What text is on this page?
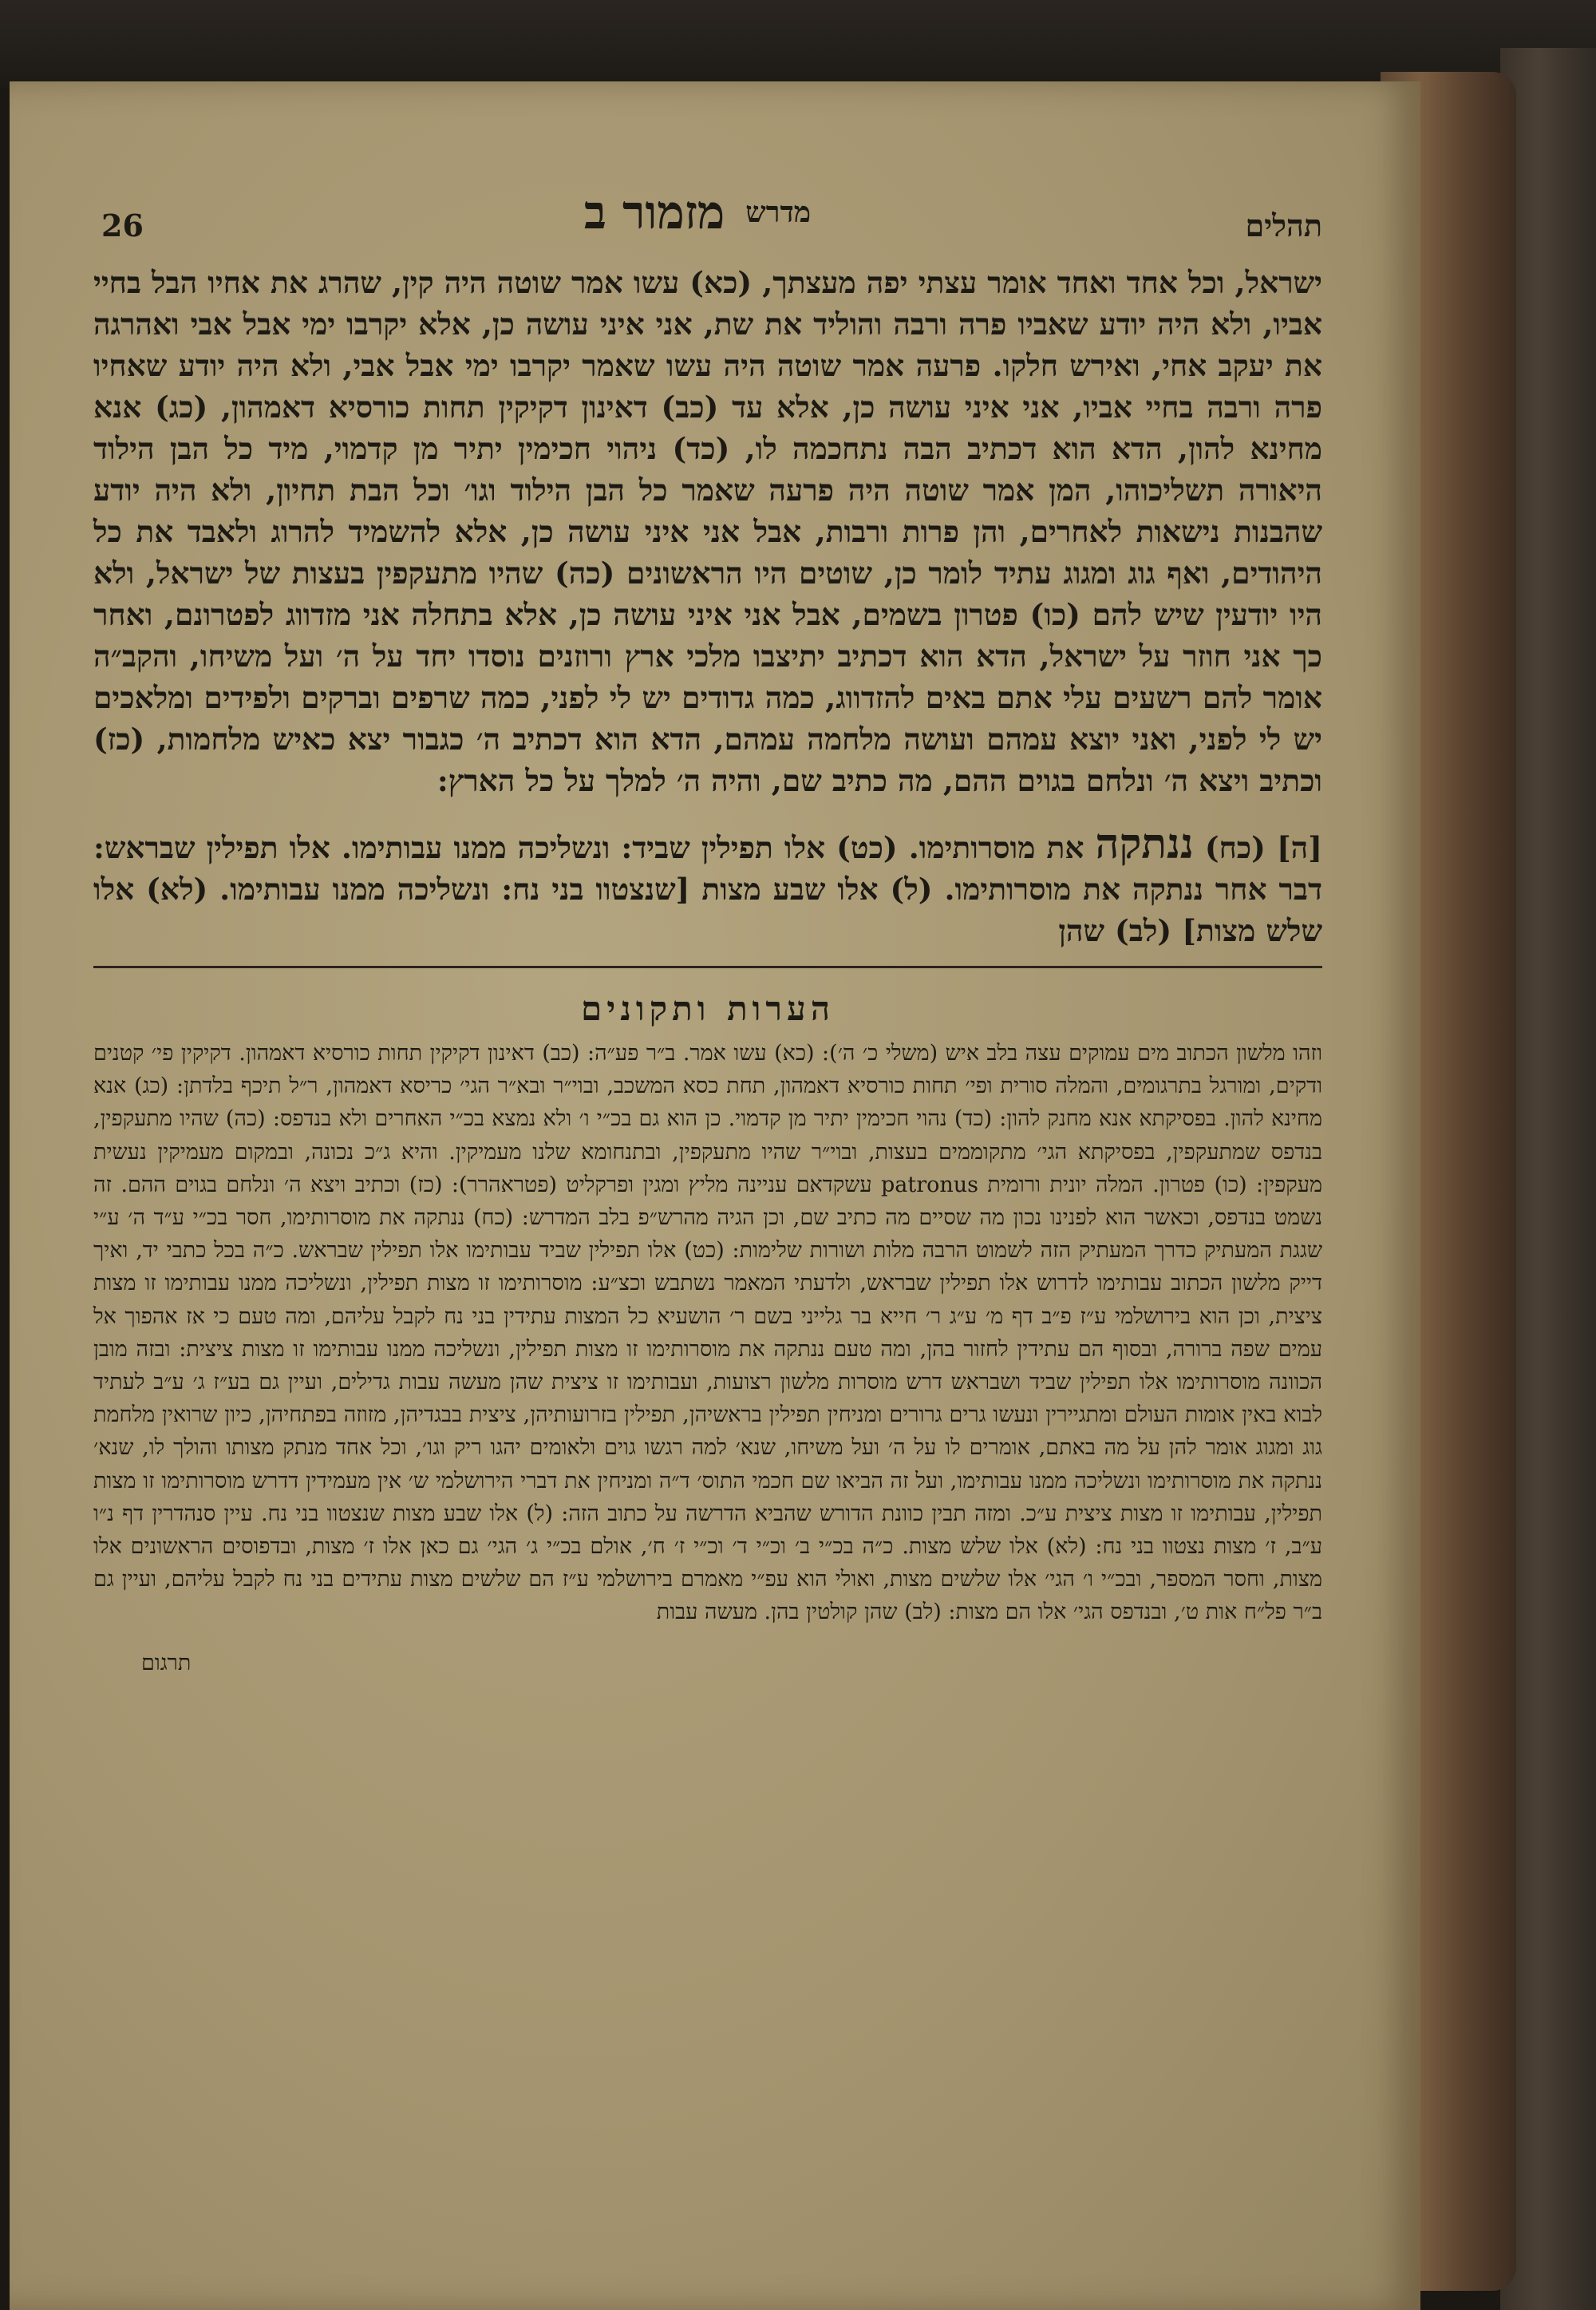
תהלים
מדרשמזמור ב
26

ישראל, וכל אחד ואחד אומר עצתי יפה מעצתך, (כא) עשו אמר שוטה היה קין, שהרג את אחיו הבל בחיי אביו, ולא היה יודע שאביו פרה ורבה והוליד את שת, אני איני עושה כן, אלא יקרבו ימי אבל אבי ואהרגה את יעקב אחי, ואירש חלקו. פרעה אמר שוטה היה עשו שאמר יקרבו ימי אבל אבי, ולא היה יודע שאחיו פרה ורבה בחיי אביו, אני איני עושה כן, אלא עד (כב) דאינון דקיקין תחות כורסיא דאמהון, (כג) אנא מחינא להון, הדא הוא דכתיב הבה נתחכמה לו, (כד) ניהוי חכימין יתיר מן קדמוי, מיד כל הבן הילוד היאורה תשליכוהו, המן אמר שוטה היה פרעה שאמר כל הבן הילוד וגו׳ וכל הבת תחיון, ולא היה יודע שהבנות נישאות לאחרים, והן פרות ורבות, אבל אני איני עושה כן, אלא להשמיד להרוג ולאבד את כל היהודים, ואף גוג ומגוג עתיד לומר כן, שוטים היו הראשונים (כה) שהיו מתעקפין בעצות של ישראל, ולא היו יודעין שיש להם (כו) פטרון בשמים, אבל אני איני עושה כן, אלא בתחלה אני מזדווג לפטרונם, ואחר כך אני חוזר על ישראל, הדא הוא דכתיב יתיצבו מלכי ארץ ורוזנים נוסדו יחד על ה׳ ועל משיחו, והקב״ה אומר להם רשעים עלי אתם באים להזדווג, כמה גדודים יש לי לפני, כמה שרפים וברקים ולפידים ומלאכים יש לי לפני, ואני יוצא עמהם ועושה מלחמה עמהם, הדא הוא דכתיב ה׳ כגבור יצא כאיש מלחמות, (כז) וכתיב ויצא ה׳ ונלחם בגוים ההם, מה כתיב שם, והיה ה׳ למלך על כל הארץ:

[ה] (כח) ננתקה את מוסרותימו. (כט) אלו תפילין שביד: ונשליכה ממנו עבותימו. אלו תפילין שבראש: דבר אחר ננתקה את מוסרותימו. (ל) אלו שבע מצות [שנצטוו בני נח: ונשליכה ממנו עבותימו. (לא) אלו שלש מצות] (לב) שהן
הערות ותקונים

וזהו מלשון הכתוב מים עמוקים עצה בלב איש (משלי כ׳ ה׳): (כא) עשו אמר. ב״ר פע״ה: (כב) דאינון דקיקין תחות כורסיא דאמהון. דקיקין פי׳ קטנים ודקים, ומורגל בתרגומים, והמלה סורית ופי׳ תחות כורסיא דאמהון, תחת כסא המשכב, ובוי״ר ובא״ר הגי׳ כריסא דאמהון, ר״ל תיכף בלדתן: (כג) אנא מחינא להון. בפסיקתא אנא מחנק להון: (כד) נהוי חכימין יתיר מן קדמוי. כן הוא גם בכ״י ו׳ ולא נמצא בכ״י האחרים ולא בנדפס: (כה) שהיו מתעקפין, בנדפס שמתעקפין, בפסיקתא הגי׳ מתקוממים בעצות, ובוי״ר שהיו מתעקפין, ובתנחומא שלנו מעמיקין. והיא ג״כ נכונה, ובמקום מעמיקין נעשית מעקפין: (כו) פטרון. המלה יונית ורומית patronus עשקדאם עניינה מליץ ומגין ופרקליט (פטראהרר): (כז) וכתיב ויצא ה׳ ונלחם בגוים ההם. זה נשמט בנדפס, וכאשר הוא לפנינו נכון מה שסיים מה כתיב שם, וכן הגיה מהרש״פ בלב המדרש: (כח) ננתקה את מוסרותימו, חסר בכ״י ע״ד ה׳ ע״י שגגת המעתיק כדרך המעתיק הזה לשמוט הרבה מלות ושורות שלימות: (כט) אלו תפילין שביד עבותימו אלו תפילין שבראש. כ״ה בכל כתבי יד, ואיך דייק מלשון הכתוב עבותימו לדרוש אלו תפילין שבראש, ולדעתי המאמר נשתבש וכצ״ע: מוסרותימו זו מצות תפילין, ונשליכה ממנו עבותימו זו מצות ציצית, וכן הוא בירושלמי ע״ז פ״ב דף מ׳ ע״ג ר׳ חייא בר גלייני בשם ר׳ הושעיא כל המצות עתידין בני נח לקבל עליהם, ומה טעם כי אז אהפוך אל עמים שפה ברורה, ובסוף הם עתידין לחזור בהן, ומה טעם ננתקה את מוסרותימו זו מצות תפילין, ונשליכה ממנו עבותימו זו מצות ציצית: ובזה מובן הכוונה מוסרותימו אלו תפילין שביד ושבראש דרש מוסרות מלשון רצועות, ועבותימו זו ציצית שהן מעשה עבות גדילים, ועיין גם בע״ז ג׳ ע״ב לעתיד לבוא באין אומות העולם ומתגיירין ונעשו גרים גרורים ומניחין תפילין בראשיהן, תפילין בזרועותיהן, ציצית בבגדיהן, מזוזה בפתחיהן, כיון שרואין מלחמת גוג ומגוג אומר להן על מה באתם, אומרים לו על ה׳ ועל משיחו, שנא׳ למה רגשו גוים ולאומים יהגו ריק וגו׳, וכל אחד מנתק מצותו והולך לו, שנא׳ ננתקה את מוסרותימו ונשליכה ממנו עבותימו, ועל זה הביאו שם חכמי התוס׳ ד״ה ומניחין את דברי הירושלמי ש׳ אין מעמידין דדרש מוסרותימו זו מצות תפילין, עבותימו זו מצות ציצית ע״כ. ומזה תבין כוונת הדורש שהביא הדרשה על כתוב הזה: (ל) אלו שבע מצות שנצטוו בני נח. עיין סנהדרין דף נ״ו ע״ב, ז׳ מצות נצטוו בני נח: (לא) אלו שלש מצות. כ״ה בכ״י ב׳ וכ״י ד׳ וכ״י ז׳ ח׳, אולם בכ״י ג׳ הגי׳ גם כאן אלו ז׳ מצות, ובדפוסים הראשונים אלו מצות, וחסר המספר, ובכ״י ו׳ הגי׳ אלו שלשים מצות, ואולי הוא עפ״י מאמרם בירושלמי ע״ז הם שלשים מצות עתידים בני נח לקבל עליהם, ועיין גם ב״ר פל״ח אות ט׳, ובנדפס הגי׳ אלו הם מצות: (לב) שהן קולטין בהן. מעשה עבות

תרגום
